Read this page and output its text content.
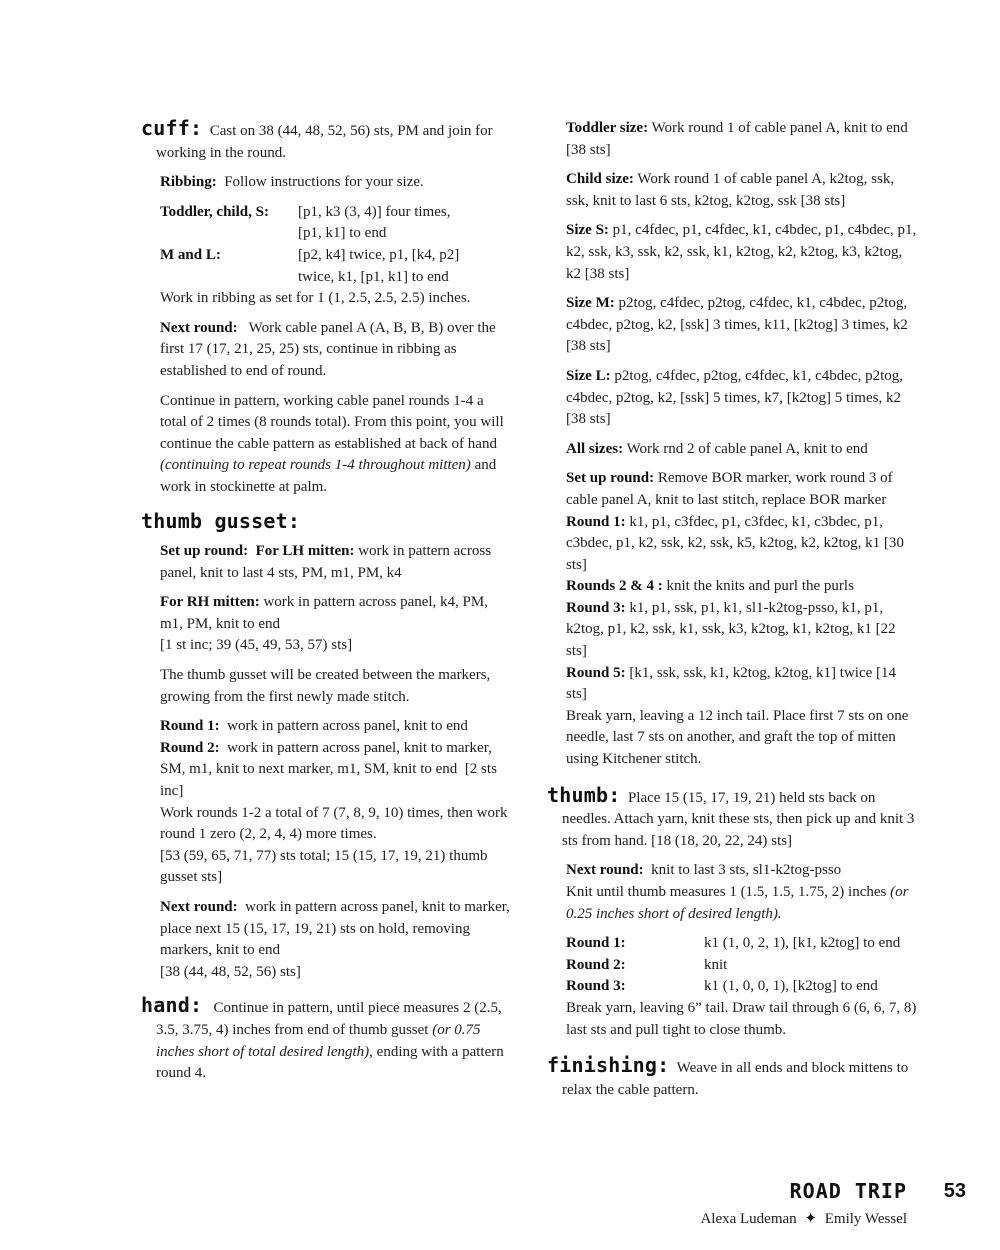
cuff: Cast on 38 (44, 48, 52, 56) sts, PM and join for working in the round.

Ribbing: Follow instructions for your size.

Toddler, child, S:	[p1, k3 (3, 4)] four times,
[p1, k1] to end
M and L:	[p2, k4] twice, p1, [k4, p2]
twice, k1, [p1, k1] to end

Work in ribbing as set for 1 (1, 2.5, 2.5, 2.5) inches.

Next round: Work cable panel A (A, B, B, B) over the first 17 (17, 21, 25, 25) sts, continue in ribbing as established to end of round.

Continue in pattern, working cable panel rounds 1-4 a total of 2 times (8 rounds total). From this point, you will continue the cable pattern as established at back of hand (continuing to repeat rounds 1-4 throughout mitten) and work in stockinette at palm.

thumb gusset:

Set up round: For LH mitten: work in pattern across panel, knit to last 4 sts, PM, m1, PM, k4

For RH mitten: work in pattern across panel, k4, PM, m1, PM, knit to end
[1 st inc; 39 (45, 49, 53, 57) sts]

The thumb gusset will be created between the markers, growing from the first newly made stitch.

Round 1: work in pattern across panel, knit to end

Round 2: work in pattern across panel, knit to marker, SM, m1, knit to next marker, m1, SM, knit to end [2 sts inc]

Work rounds 1-2 a total of 7 (7, 8, 9, 10) times, then work round 1 zero (2, 2, 4, 4) more times.

[53 (59, 65, 71, 77) sts total; 15 (15, 17, 19, 21) thumb gusset sts]

Next round: work in pattern across panel, knit to marker, place next 15 (15, 17, 19, 21) sts on hold, removing markers, knit to end
[38 (44, 48, 52, 56) sts]

hand: Continue in pattern, until piece measures 2 (2.5, 3.5, 3.75, 4) inches from end of thumb gusset (or 0.75 inches short of total desired length), ending with a pattern round 4.

Toddler size: Work round 1 of cable panel A, knit to end [38 sts]

Child size: Work round 1 of cable panel A, k2tog, ssk, ssk, knit to last 6 sts, k2tog, k2tog, ssk [38 sts]

Size S: p1, c4fdec, p1, c4fdec, k1, c4bdec, p1, c4bdec, p1, k2, ssk, k3, ssk, k2, ssk, k1, k2tog, k2, k2tog, k3, k2tog, k2 [38 sts]

Size M: p2tog, c4fdec, p2tog, c4fdec, k1, c4bdec, p2tog, c4bdec, p2tog, k2, [ssk] 3 times, k11, [k2tog] 3 times, k2 [38 sts]

Size L: p2tog, c4fdec, p2tog, c4fdec, k1, c4bdec, p2tog, c4bdec, p2tog, k2, [ssk] 5 times, k7, [k2tog] 5 times, k2 [38 sts]

All sizes: Work rnd 2 of cable panel A, knit to end

Set up round: Remove BOR marker, work round 3 of cable panel A, knit to last stitch, replace BOR marker

Round 1: k1, p1, c3fdec, p1, c3fdec, k1, c3bdec, p1, c3bdec, p1, k2, ssk, k2, ssk, k5, k2tog, k2, k2tog, k1 [30 sts]

Rounds 2 & 4 : knit the knits and purl the purls

Round 3: k1, p1, ssk, p1, k1, sl1-k2tog-psso, k1, p1, k2tog, p1, k2, ssk, k1, ssk, k3, k2tog, k1, k2tog, k1 [22 sts]

Round 5: [k1, ssk, ssk, k1, k2tog, k2tog, k1] twice [14 sts]

Break yarn, leaving a 12 inch tail. Place first 7 sts on one needle, last 7 sts on another, and graft the top of mitten using Kitchener stitch.

thumb: Place 15 (15, 17, 19, 21) held sts back on needles. Attach yarn, knit these sts, then pick up and knit 3 sts from hand. [18 (18, 20, 22, 24) sts]

Next round: knit to last 3 sts, sl1-k2tog-psso
Knit until thumb measures 1 (1.5, 1.5, 1.75, 2) inches (or 0.25 inches short of desired length).

Round 1:	k1 (1, 0, 2, 1), [k1, k2tog] to end
Round 2:	knit
Round 3:	k1 (1, 0, 0, 1), [k2tog] to end

Break yarn, leaving 6” tail. Draw tail through 6 (6, 6, 7, 8) last sts and pull tight to close thumb.

finishing: Weave in all ends and block mittens to relax the cable pattern.

ROAD TRIP 53
Alexa Ludeman ✦ Emily Wessel
